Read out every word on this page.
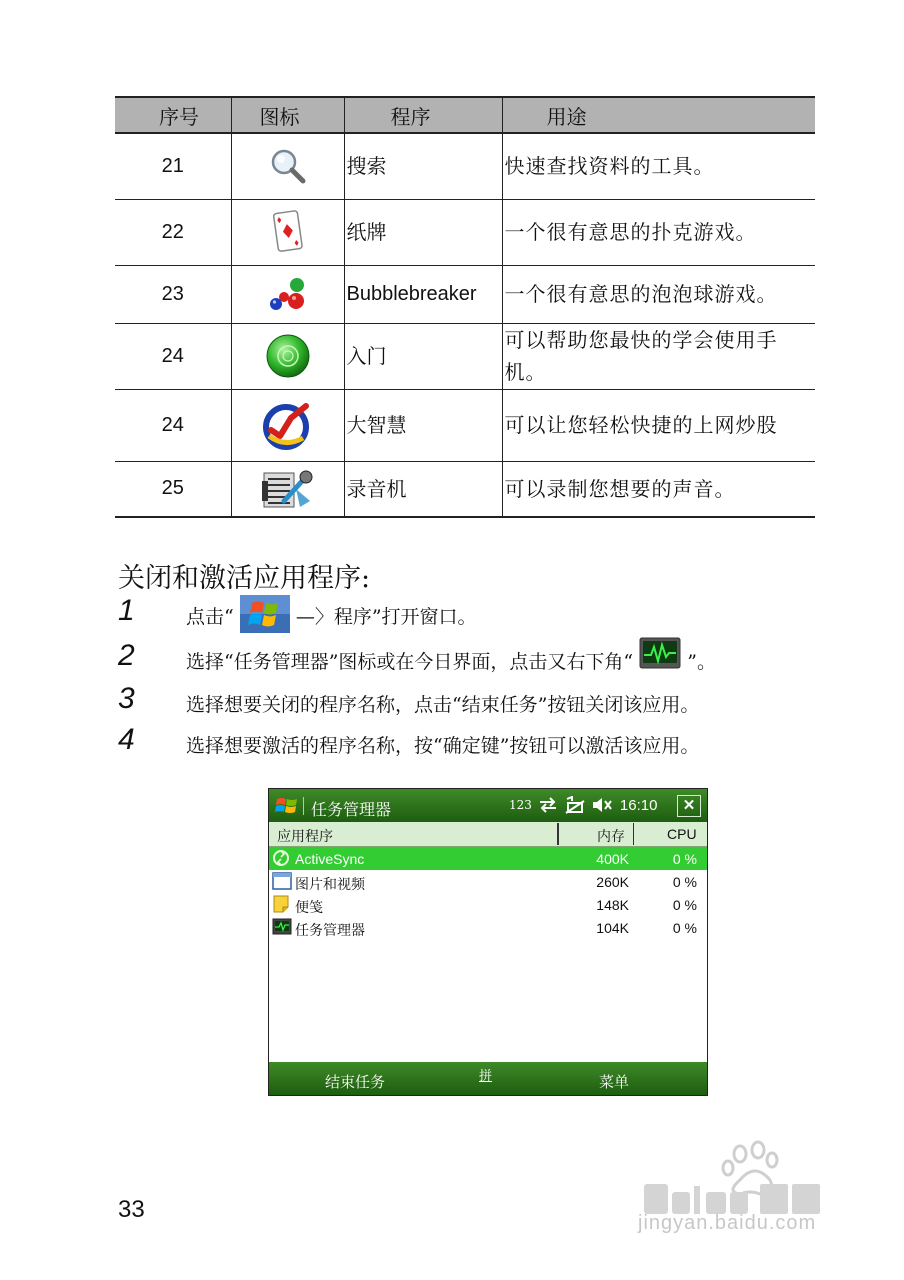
序号	图标	程序	用途
21		搜索	快速查找资料的工具。
22		纸牌	一个很有意思的扑克游戏。
23		Bubblebreaker	一个很有意思的泡泡球游戏。
24		入门	可以帮助您最快的学会使用手机。
24		大智慧	可以让您轻松快捷的上网炒股
25		录音机	可以录制您想要的声音。
关闭和激活应用程序:
1	点击“	—〉程序”打开窗口。
2	选择“任务管理器”图标或在今日界面，点击又右下角“	”。
3	选择想要关闭的程序名称，点击“结束任务”按钮关闭该应用。
4	选择想要激活的程序名称，按“确定键”按钮可以激活该应用。
任务管理器	123	16:10	✕
应用程序	内存	CPU
ActiveSync	400K	0 %
图片和视频	260K	0 %
便笺	148K	0 %
任务管理器	104K	0 %
结束任务	拼	菜单
33	jingyan.baidu.com
